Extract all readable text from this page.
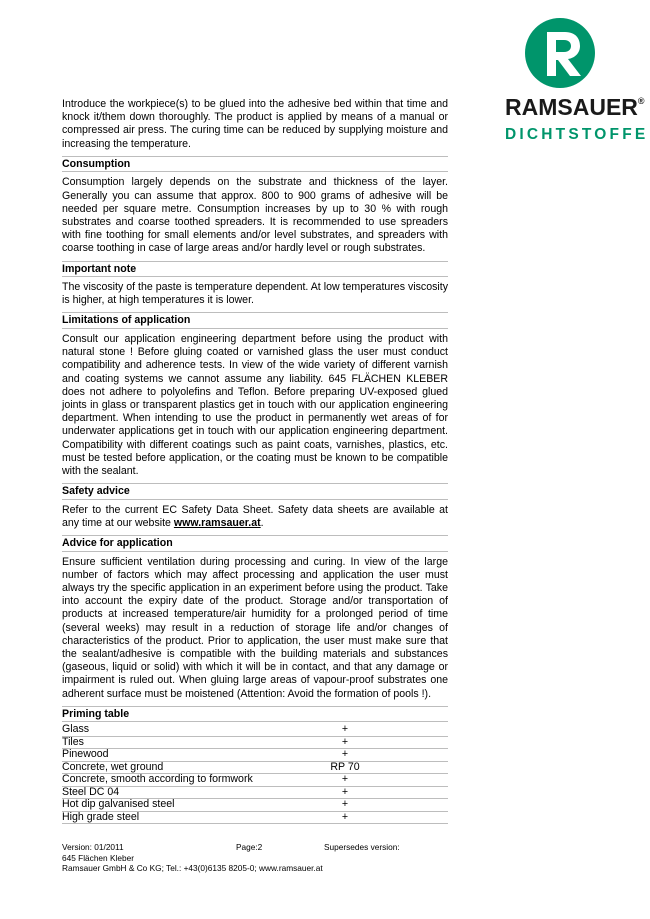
RAMSAUER®
DICHTSTOFFE

Introduce the workpiece(s) to be glued into the adhesive bed within that time and knock it/them down thoroughly. The product is applied by means of a manual or compressed air press. The curing time can be reduced by supplying moisture and increasing the temperature.

Consumption

Consumption largely depends on the substrate and thickness of the layer. Generally you can assume that approx. 800 to 900 grams of adhesive will be needed per square metre. Consumption increases by up to 30 % with rough substrates and coarse toothed spreaders. It is recommended to use spreaders with fine toothing for small elements and/or level substrates, and spreaders with coarse toothing in case of large areas and/or hardly level or rough substrates.

Important note

The viscosity of the paste is temperature dependent. At low temperatures viscosity is higher, at high temperatures it is lower.

Limitations of application

Consult our application engineering department before using the product with natural stone ! Before gluing coated or varnished glass the user must conduct compatibility and adherence tests. In view of the wide variety of different varnish and coating systems we cannot assume any liability. 645 FLÄCHEN KLEBER does not adhere to polyolefins and Teflon. Before preparing UV-exposed glued joints in glass or transparent plastics get in touch with our application engineering department. When intending to use the product in permanently wet areas of for underwater applications get in touch with our application engineering department. Compatibility with different coatings such as paint coats, varnishes, plastics, etc. must be tested before application, or the coating must be known to be compatible with the sealant.

Safety advice

Refer to the current EC Safety Data Sheet. Safety data sheets are available at any time at our website www.ramsauer.at.

Advice for application

Ensure sufficient ventilation during processing and curing. In view of the large number of factors which may affect processing and application the user must always try the specific application in an experiment before using the product. Take into account the expiry date of the product. Storage and/or transportation of products at increased temperature/air humidity for a prolonged period of time (several weeks) may result in a reduction of storage life and/or changes of characteristics of the product. Prior to application, the user must make sure that the sealant/adhesive is compatible with the building materials and substances (gaseous, liquid or solid) with which it will be in contact, and that any damage or impairment is ruled out. When gluing large areas of vapour-proof substrates one adherent surface must be moistened (Attention: Avoid the formation of pools !).

Priming table
Glass	+
Tiles	+
Pinewood	+
Concrete, wet ground	RP 70
Concrete, smooth according to formwork	+
Steel DC 04	+
Hot dip galvanised steel	+
High grade steel	+
Version: 01/2011	Page:2	Supersedes version:
645 Flächen Kleber
Ramsauer GmbH & Co KG; Tel.: +43(0)6135 8205-0; www.ramsauer.at
